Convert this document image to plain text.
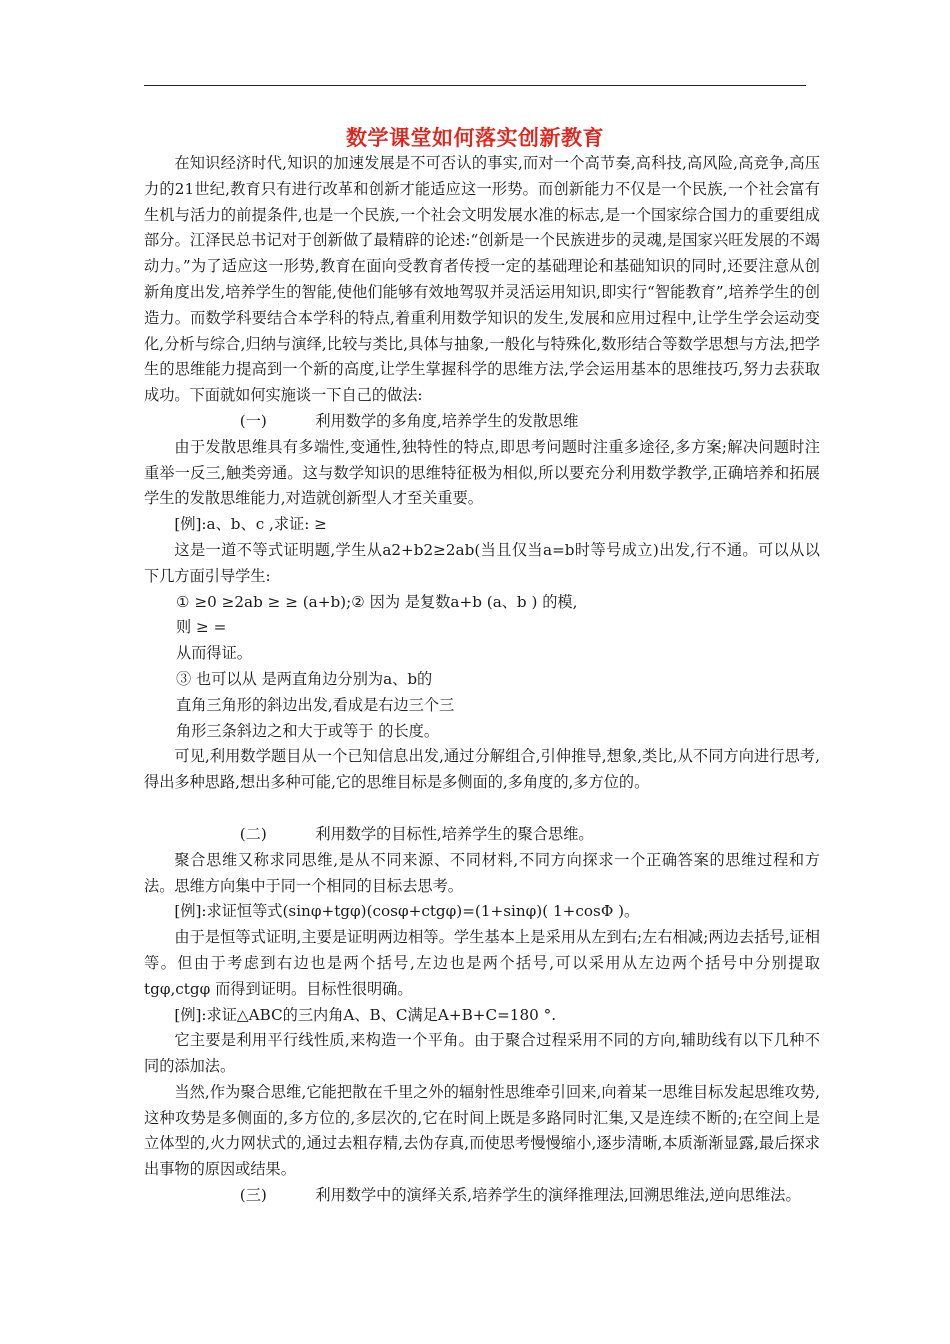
数学课堂如何落实创新教育

在知识经济时代,知识的加速发展是不可否认的事实,而对一个高节奏,高科技,高风险,高竞争,高压力的21世纪,教育只有进行改革和创新才能适应这一形势。而创新能力不仅是一个民族,一个社会富有生机与活力的前提条件,也是一个民族,一个社会文明发展水准的标志,是一个国家综合国力的重要组成部分。江泽民总书记对于创新做了最精辟的论述:“创新是一个民族进步的灵魂,是国家兴旺发展的不竭动力。”为了适应这一形势,教育在面向受教育者传授一定的基础理论和基础知识的同时,还要注意从创新角度出发,培养学生的智能,使他们能够有效地驾驭并灵活运用知识,即实行“智能教育”,培养学生的创造力。而数学科要结合本学科的特点,着重利用数学知识的发生,发展和应用过程中,让学生学会运动变化,分析与综合,归纳与演绎,比较与类比,具体与抽象,一般化与特殊化,数形结合等数学思想与方法,把学生的思维能力提高到一个新的高度,让学生掌握科学的思维方法,学会运用基本的思维技巧,努力去获取成功。下面就如何实施谈一下自己的做法:

(一)	利用数学的多角度,培养学生的发散思维

由于发散思维具有多端性,变通性,独特性的特点,即思考问题时注重多途径,多方案;解决问题时注重举一反三,触类旁通。这与数学知识的思维特征极为相似,所以要充分利用数学教学,正确培养和拓展学生的发散思维能力,对造就创新型人才至关重要。

[例]:a、b、c ,求证: ≥

这是一道不等式证明题,学生从a2+b2≥2ab(当且仅当a=b时等号成立)出发,行不通。可以从以下几方面引导学生:

① ≥0 ≥2ab ≥ ≥ (a+b);② 因为 是复数a+b (a、b ) 的模,

则 ≥ =

从而得证。

③ 也可以从 是两直角边分别为a、b的

直角三角形的斜边出发,看成是右边三个三

角形三条斜边之和大于或等于 的长度。

可见,利用数学题目从一个已知信息出发,通过分解组合,引伸推导,想象,类比,从不同方向进行思考,得出多种思路,想出多种可能,它的思维目标是多侧面的,多角度的,多方位的。

(二)	利用数学的目标性,培养学生的聚合思维。

聚合思维又称求同思维,是从不同来源、不同材料,不同方向探求一个正确答案的思维过程和方法。思维方向集中于同一个相同的目标去思考。

[例]:求证恒等式(sinφ+tgφ)(cosφ+ctgφ)=(1+sinφ)( 1+cosΦ )。

由于是恒等式证明,主要是证明两边相等。学生基本上是采用从左到右;左右相减;两边去括号,证相等。但由于考虑到右边也是两个括号,左边也是两个括号,可以采用从左边两个括号中分别提取tgφ,ctgφ 而得到证明。目标性很明确。

[例]:求证△ABC的三内角A、B、C满足A+B+C=180 °.

它主要是利用平行线性质,来构造一个平角。由于聚合过程采用不同的方向,辅助线有以下几种不同的添加法。

当然,作为聚合思维,它能把散在千里之外的辐射性思维牵引回来,向着某一思维目标发起思维攻势,这种攻势是多侧面的,多方位的,多层次的,它在时间上既是多路同时汇集,又是连续不断的;在空间上是立体型的,火力网状式的,通过去粗存精,去伪存真,而使思考慢慢缩小,逐步清晰,本质渐渐显露,最后探求出事物的原因或结果。

(三)	利用数学中的演绎关系,培养学生的演绎推理法,回溯思维法,逆向思维法。
